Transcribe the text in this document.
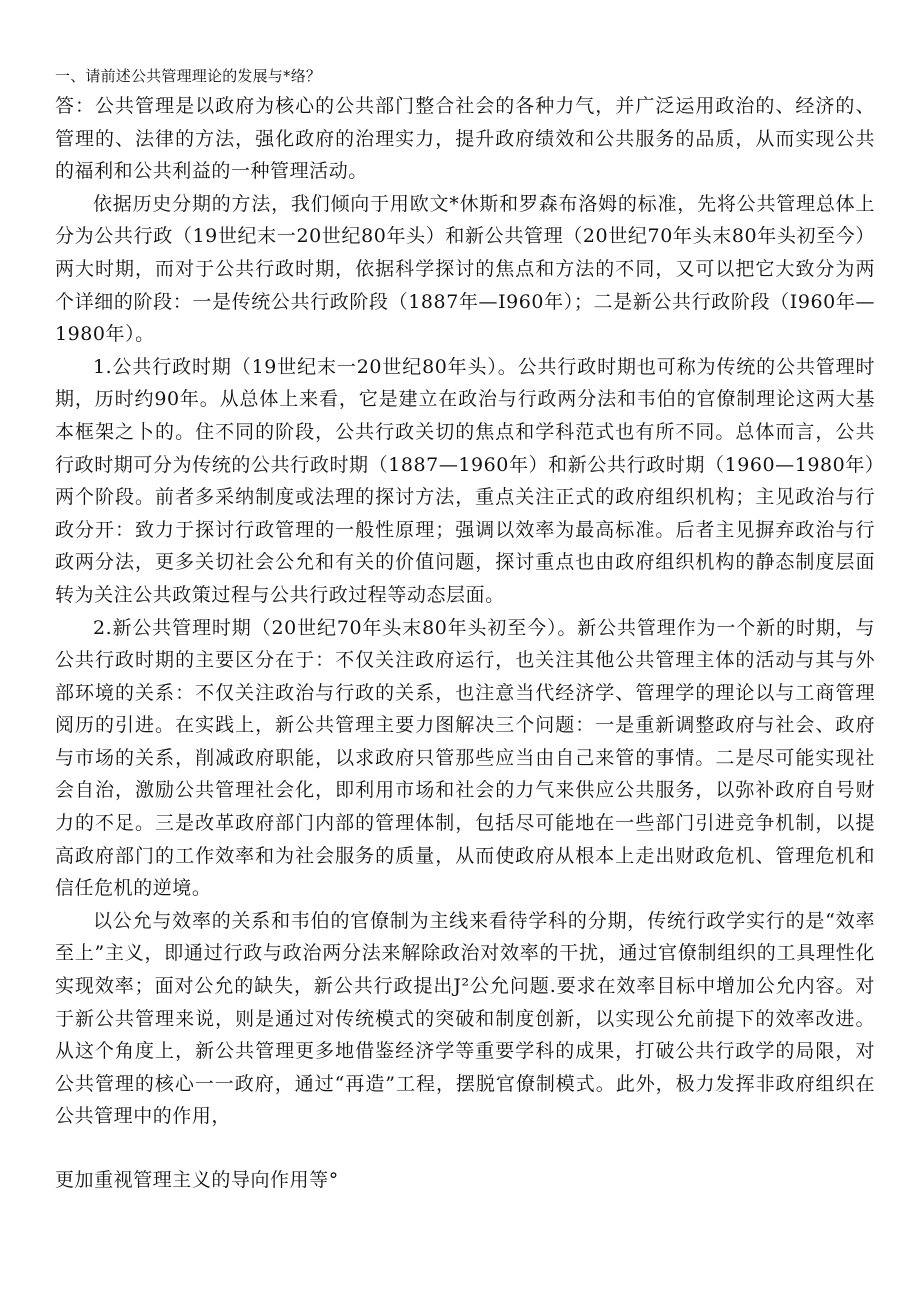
一、请前述公共管理理论的发展与*络？

答：公共管理是以政府为核心的公共部门整合社会的各种力气，并广泛运用政治的、经济的、管理的、法律的方法，强化政府的治理实力，提升政府绩效和公共服务的品质，从而实现公共的福利和公共利益的一种管理活动。

依据历史分期的方法，我们倾向于用欧文*休斯和罗森布洛姆的标准，先将公共管理总体上分为公共行政（19世纪末一20世纪80年头）和新公共管理（20世纪70年头末80年头初至今）两大时期，而对于公共行政时期，依据科学探讨的焦点和方法的不同，又可以把它大致分为两个详细的阶段：一是传统公共行政阶段（1887年—I960年）；二是新公共行政阶段（I960年—1980年）。

1.公共行政时期（19世纪末一20世纪80年头）。公共行政时期也可称为传统的公共管理时期，历时约90年。从总体上来看，它是建立在政治与行政两分法和韦伯的官僚制理论这两大基本框架之卜的。住不同的阶段，公共行政关切的焦点和学科范式也有所不同。总体而言，公共行政时期可分为传统的公共行政时期（1887—1960年）和新公共行政时期（1960—1980年）两个阶段。前者多采纳制度或法理的探讨方法，重点关注正式的政府组织机构；主见政治与行政分开：致力于探讨行政管理的一般性原理；强调以效率为最高标准。后者主见摒弃政治与行政两分法，更多关切社会公允和有关的价值问题，探讨重点也由政府组织机构的静态制度层面转为关注公共政策过程与公共行政过程等动态层面。

2.新公共管理时期（20世纪70年头末80年头初至今）。新公共管理作为一个新的时期，与公共行政时期的主要区分在于：不仅关注政府运行，也关注其他公共管理主体的活动与其与外部环境的关系：不仅关注政治与行政的关系，也注意当代经济学、管理学的理论以与工商管理阅历的引进。在实践上，新公共管理主要力图解决三个问题：一是重新调整政府与社会、政府与市场的关系，削减政府职能，以求政府只管那些应当由自己来管的事情。二是尽可能实现社会自治，激励公共管理社会化，即利用市场和社会的力气来供应公共服务，以弥补政府自号财力的不足。三是改革政府部门内部的管理体制，包括尽可能地在一些部门引进竞争机制，以提高政府部门的工作效率和为社会服务的质量，从而使政府从根本上走出财政危机、管理危机和信任危机的逆境。

以公允与效率的关系和韦伯的官僚制为主线来看待学科的分期，传统行政学实行的是“效率至上”主义，即通过行政与政治两分法来解除政治对效率的干扰，通过官僚制组织的工具理性化实现效率；面对公允的缺失，新公共行政提出J²公允问题.要求在效率目标中增加公允内容。对于新公共管理来说，则是通过对传统模式的突破和制度创新，以实现公允前提下的效率改进。从这个角度上，新公共管理更多地借鉴经济学等重要学科的成果，打破公共行政学的局限，对公共管理的核心一一政府，通过“再造”工程，摆脱官僚制模式。此外，极力发挥非政府组织在公共管理中的作用，

更加重视管理主义的导向作用等°
